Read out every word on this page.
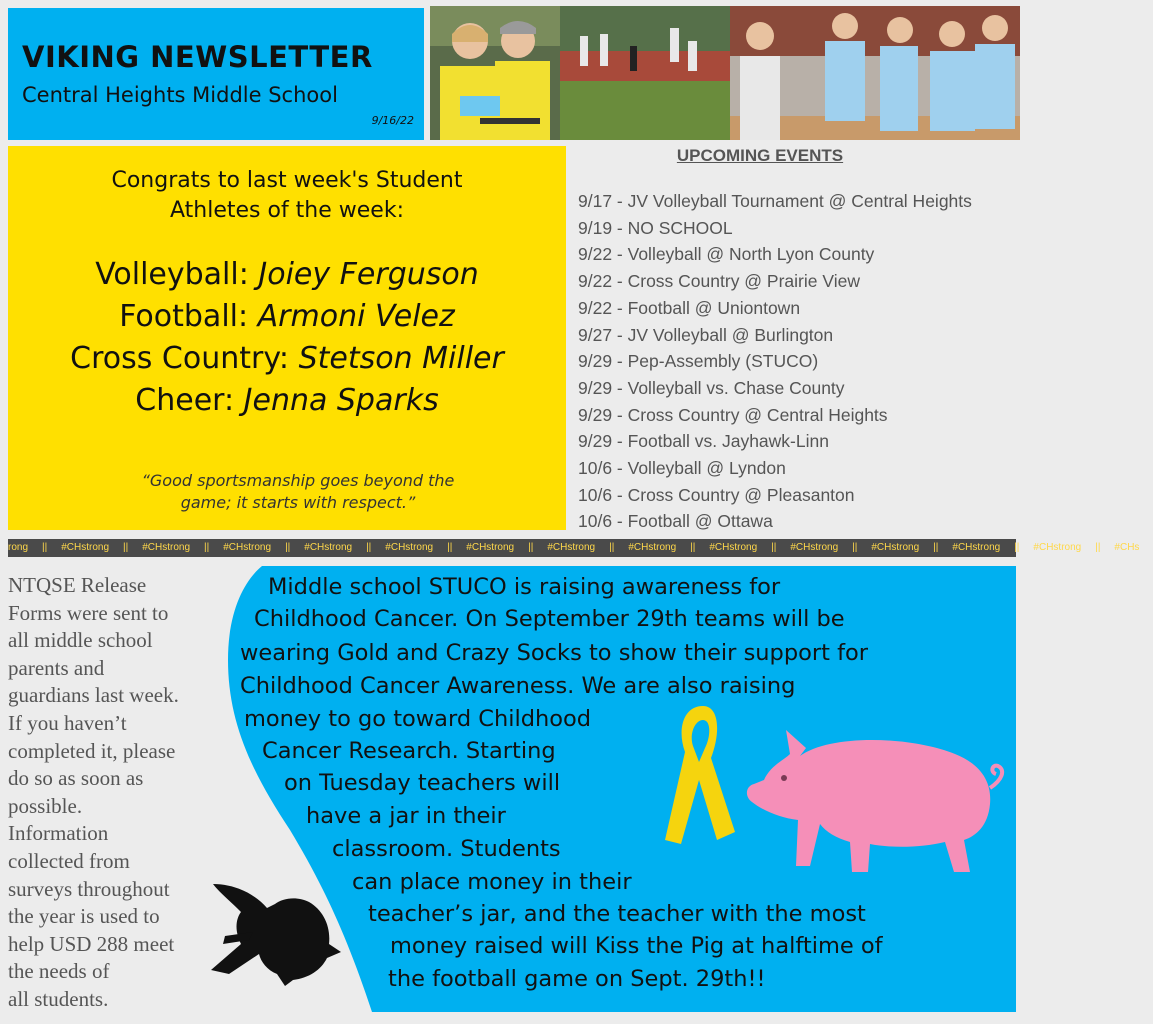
VIKING NEWSLETTER
Central Heights Middle School
9/16/22
Congrats to last week's Student
Athletes of the week:
Volleyball: Joiey Ferguson
Football: Armoni Velez
Cross Country: Stetson Miller
Cheer: Jenna Sparks
“Good sportsmanship goes beyond the
game; it starts with respect.”
UPCOMING EVENTS
9/17 - JV Volleyball Tournament @ Central Heights
9/19 - NO SCHOOL
9/22 - Volleyball @ North Lyon County
9/22 - Cross Country @ Prairie View
9/22 - Football @ Uniontown
9/27 - JV Volleyball @ Burlington
9/29 - Pep-Assembly (STUCO)
9/29 - Volleyball vs. Chase County
9/29 - Cross Country @ Central Heights
9/29 - Football vs. Jayhawk-Linn
10/6 - Volleyball @ Lyndon
10/6 - Cross Country @ Pleasanton
10/6 - Football @ Ottawa
rong || #CHstrong || #CHstrong || #CHstrong || #CHstrong || #CHstrong || #CHstrong || #CHstrong || #CHstrong || #CHstrong || #CHstrong || #CHstrong || #CHstrong || #CHstrong || #CHs
NTQSE Release
Forms were sent to
all middle school
parents and
guardians last week.
If you haven’t
completed it, please
do so as soon as
possible.
Information
collected from
surveys throughout
the year is used to
help USD 288 meet
the needs of
all students.
Middle school STUCO is raising awareness for
Childhood Cancer. On September 29th teams will be
wearing Gold and Crazy Socks to show their support for
Childhood Cancer Awareness. We are also raising
money to go toward Childhood
Cancer Research. Starting
on Tuesday teachers will
have a jar in their
classroom. Students
can place money in their
teacher’s jar, and the teacher with the most
money raised will Kiss the Pig at halftime of
the football game on Sept. 29th!!
